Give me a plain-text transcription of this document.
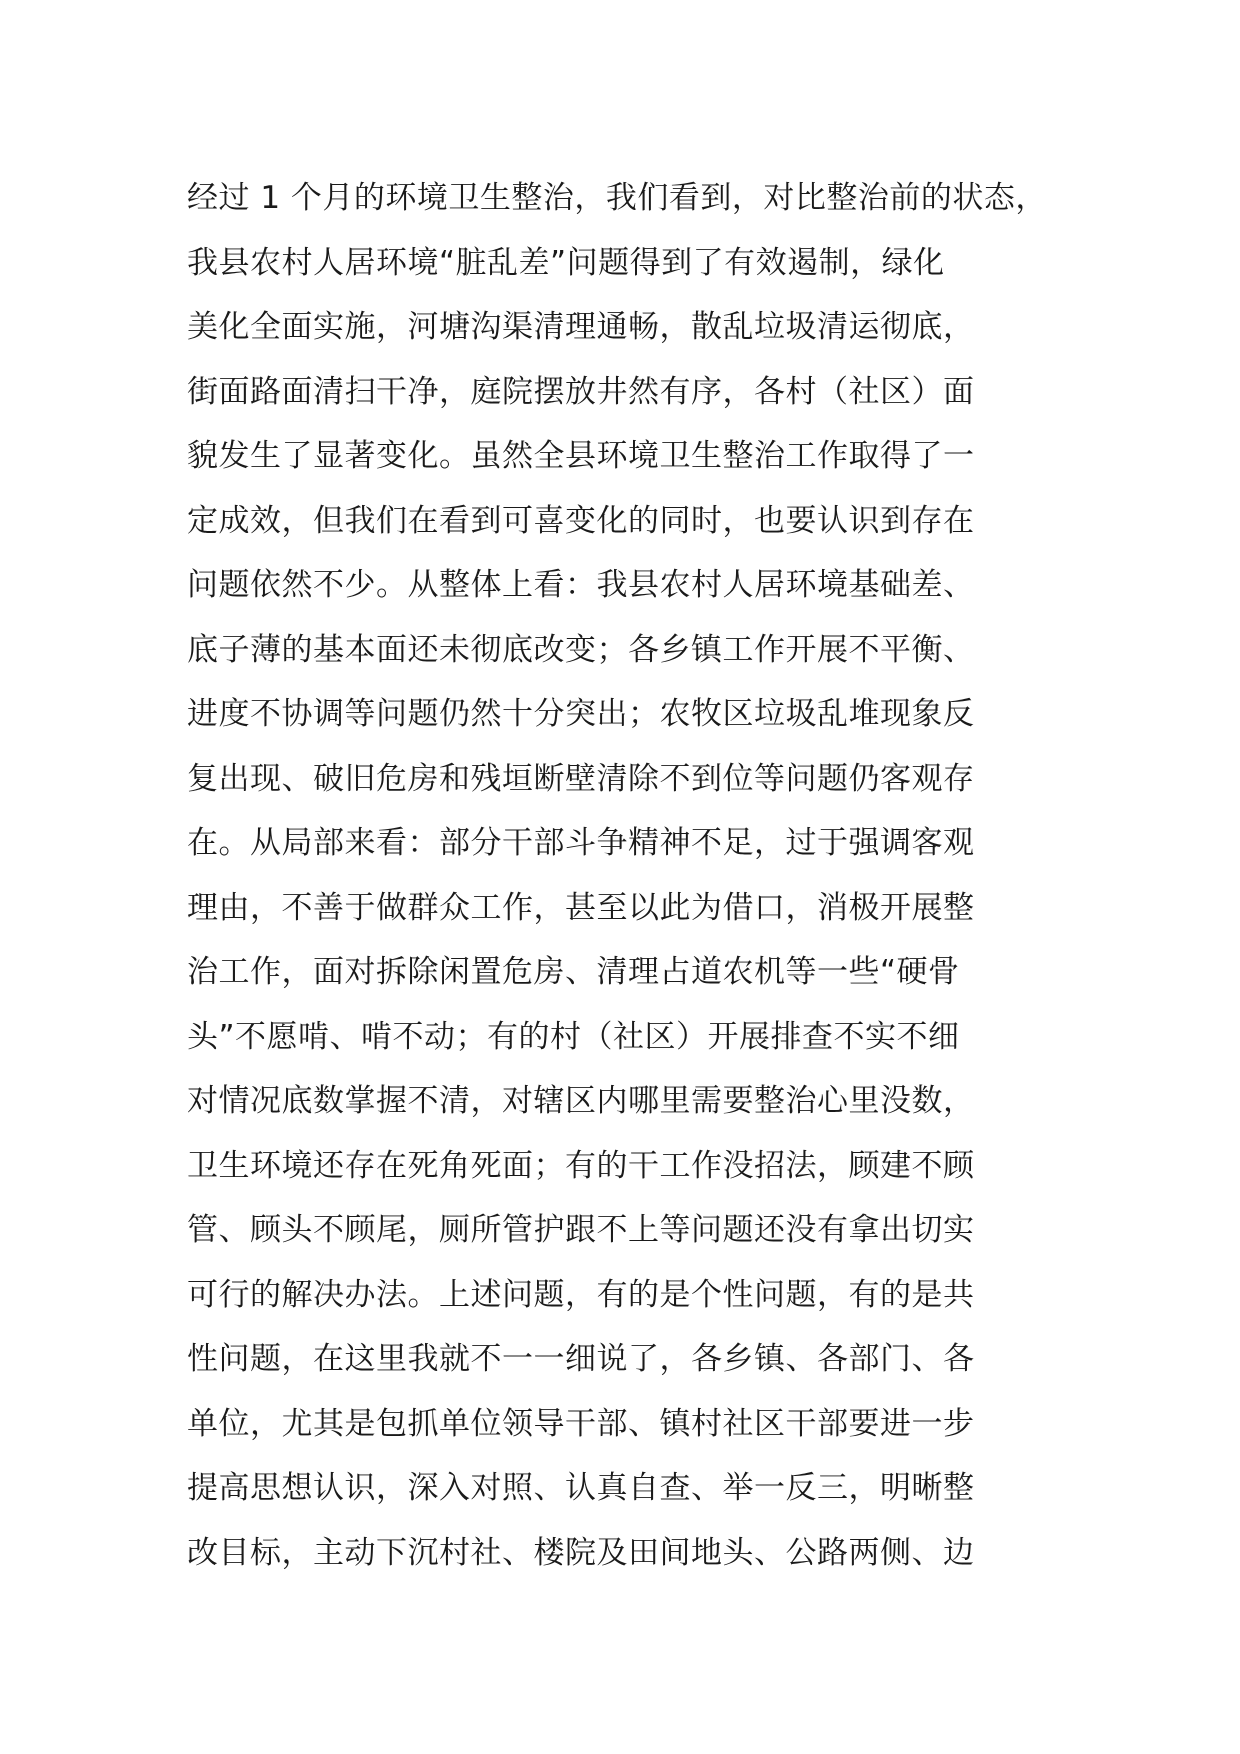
经过 1 个月的环境卫生整治，我们看到，对比整治前的状态，
我县农村人居环境“脏乱差”问题得到了有效遏制，绿化
美化全面实施，河塘沟渠清理通畅，散乱垃圾清运彻底，
街面路面清扫干净，庭院摆放井然有序，各村（社区）面
貌发生了显著变化。虽然全县环境卫生整治工作取得了一
定成效，但我们在看到可喜变化的同时，也要认识到存在
问题依然不少。从整体上看：我县农村人居环境基础差、
底子薄的基本面还未彻底改变；各乡镇工作开展不平衡、
进度不协调等问题仍然十分突出；农牧区垃圾乱堆现象反
复出现、破旧危房和残垣断壁清除不到位等问题仍客观存
在。从局部来看：部分干部斗争精神不足，过于强调客观
理由，不善于做群众工作，甚至以此为借口，消极开展整
治工作，面对拆除闲置危房、清理占道农机等一些“硬骨
头”不愿啃、啃不动；有的村（社区）开展排查不实不细
对情况底数掌握不清，对辖区内哪里需要整治心里没数，
卫生环境还存在死角死面；有的干工作没招法，顾建不顾
管、顾头不顾尾，厕所管护跟不上等问题还没有拿出切实
可行的解决办法。上述问题，有的是个性问题，有的是共
性问题，在这里我就不一一细说了，各乡镇、各部门、各
单位，尤其是包抓单位领导干部、镇村社区干部要进一步
提高思想认识，深入对照、认真自查、举一反三，明晰整
改目标，主动下沉村社、楼院及田间地头、公路两侧、边
